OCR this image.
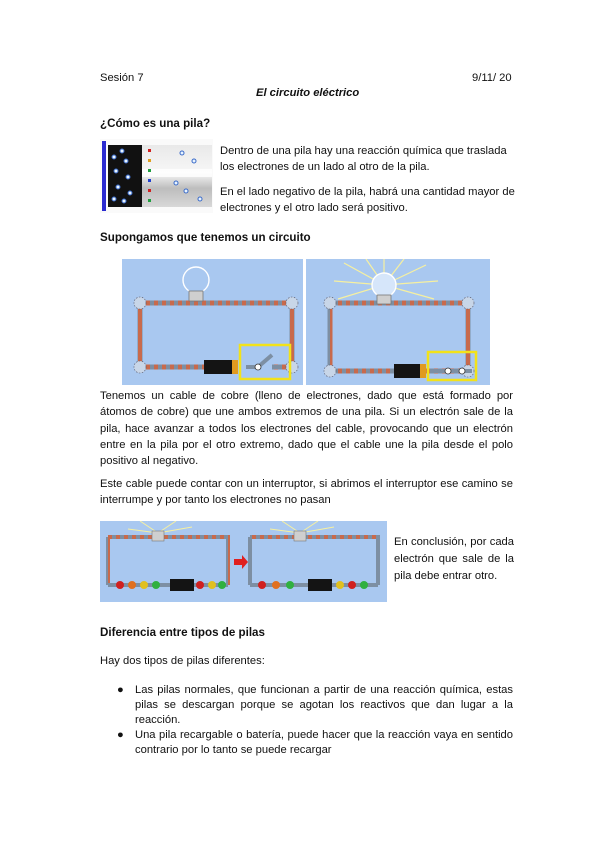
Sesión 7	9/11/ 20
El circuito eléctrico
¿Cómo es una pila?
Dentro de una pila hay una reacción química que traslada
los electrones de un lado al otro de la pila.
En el lado negativo de la pila, habrá una cantidad mayor de
electrones y el otro lado será positivo.
Supongamos que tenemos un circuito
Tenemos un cable de cobre (lleno de electrones, dado que está formado por átomos de cobre) que une ambos extremos de una pila. Si un electrón sale de la pila, hace avanzar a todos los electrones del cable, provocando que un electrón entre en la pila por el otro extremo, dado que el cable une la pila desde el polo positivo al negativo.
Este cable puede contar con un interruptor, si abrimos el interruptor ese camino se interrumpe y por tanto los electrones no pasan
En conclusión, por cada electrón que sale de la pila debe entrar otro.
Diferencia entre tipos de pilas
Hay dos tipos de pilas diferentes:
● Las pilas normales, que funcionan a partir de una reacción química, estas pilas se descargan porque se agotan los reactivos que dan lugar a la reacción.
● Una pila recargable o batería, puede hacer que la reacción vaya en sentido contrario por lo tanto se puede recargar
